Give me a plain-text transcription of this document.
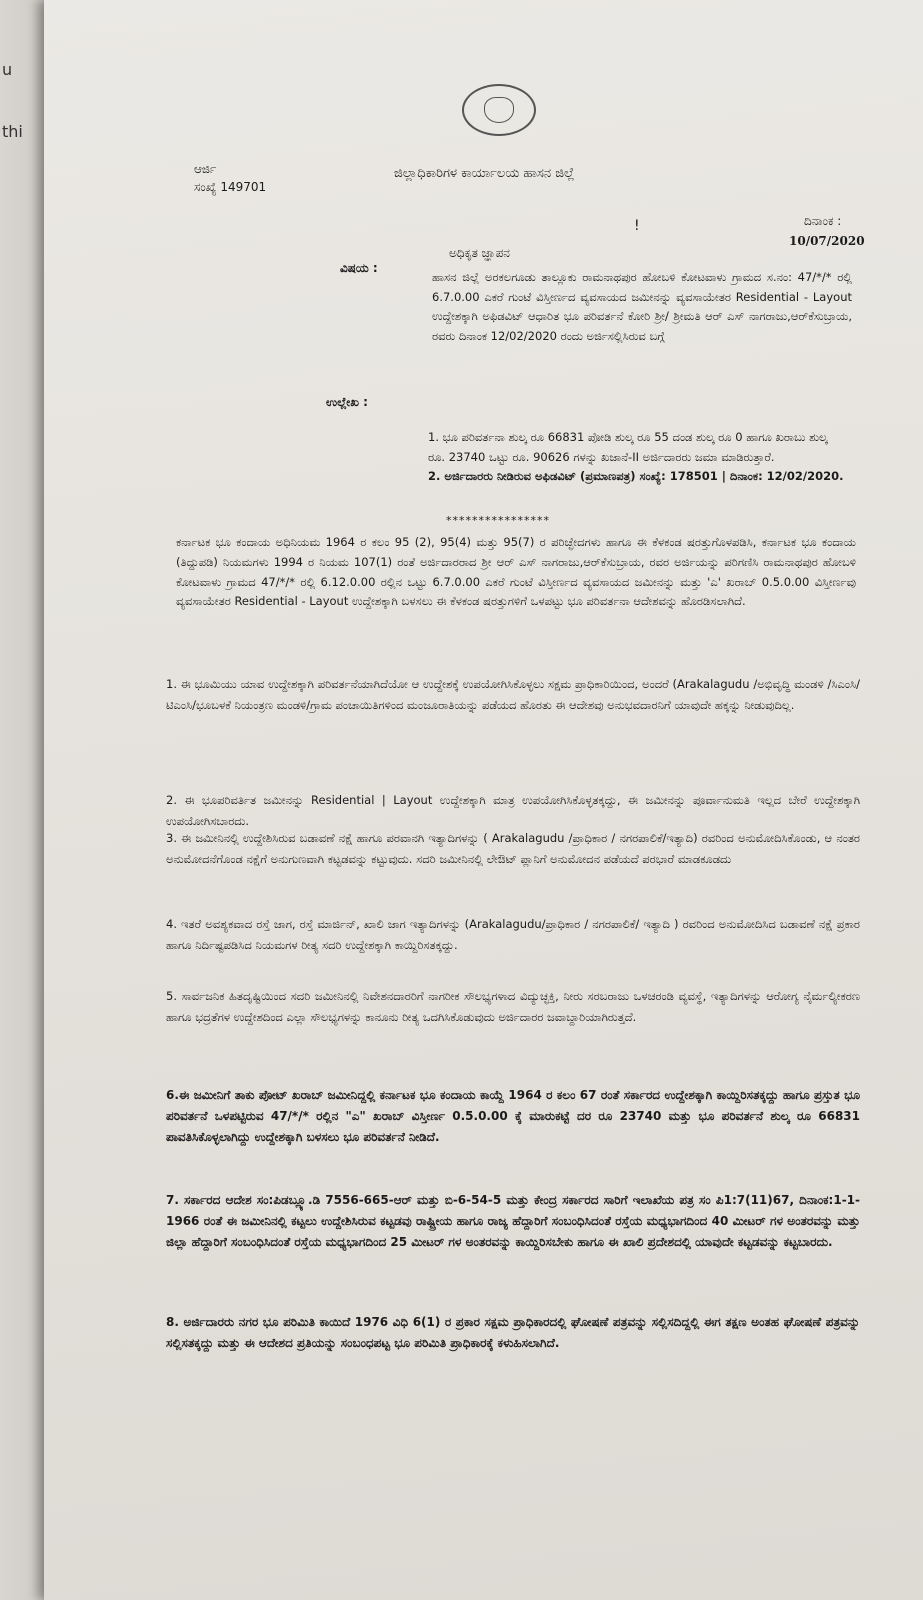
u
thi
ಆರ್ಜಿ
ಸಂಖ್ಯೆ 149701
ಜಿಲ್ಲಾಧಿಕಾರಿಗಳ ಕಾರ್ಯಾಲಯ ಹಾಸನ ಜಿಲ್ಲೆ
!	ದಿನಾಂಕ :
10/07/2020
ಅಧಿಕೃತ ಜ್ಞಾಪನ
ವಿಷಯ :
ಹಾಸನ ಜಿಲ್ಲೆ ಅರಕಲಗೂಡು ತಾಲ್ಲೂಕು ರಾಮನಾಥಪುರ ಹೋಬಳಿ ಕೋಟವಾಳು ಗ್ರಾಮದ ಸ.ನಂ: 47/*/* ರಲ್ಲಿ 6.7.0.00 ಎಕರೆ ಗುಂಟೆ ವಿಸ್ತೀರ್ಣದ ವ್ಯವಸಾಯದ ಜಮೀನನ್ನು ವ್ಯವಸಾಯೇತರ Residential - Layout ಉದ್ದೇಶಕ್ಕಾಗಿ ಅಫಿಡವಿಟ್ ಆಧಾರಿತ ಭೂ ಪರಿವರ್ತನೆ ಕೋರಿ ಶ್ರೀ/ ಶ್ರೀಮತಿ ಆರ್ ಎಸ್ ನಾಗರಾಜು,ಆರ್‌ಕೆಸುಬ್ರಾಯ, ರವರು ದಿನಾಂಕ 12/02/2020 ರಂದು ಅರ್ಜಿಸಲ್ಲಿಸಿರುವ ಬಗ್ಗೆ
ಉಲ್ಲೇಖ :
1. ಭೂ ಪರಿವರ್ತನಾ ಶುಲ್ಕ ರೂ 66831 ಪೋಡಿ ಶುಲ್ಕ ರೂ 55 ದಂಡ ಶುಲ್ಕ ರೂ 0 ಹಾಗೂ ಖರಾಬು ಶುಲ್ಕ ರೂ. 23740 ಒಟ್ಟು ರೂ. 90626 ಗಳನ್ನು ಖಜಾನೆ-II ಅರ್ಜಿದಾರರು ಜಮಾ ಮಾಡಿರುತ್ತಾರೆ.
2. ಅರ್ಜಿದಾರರು ನೀಡಿರುವ ಅಫಿಡವಿಟ್ (ಪ್ರಮಾಣಪತ್ರ) ಸಂಖ್ಯೆ: 178501 | ದಿನಾಂಕ: 12/02/2020.
****************
ಕರ್ನಾಟಕ ಭೂ ಕಂದಾಯ ಅಧಿನಿಯಮ 1964 ರ ಕಲಂ 95 (2), 95(4) ಮತ್ತು 95(7) ರ ಪರಿಚ್ಛೇದಗಳು ಹಾಗೂ ಈ ಕೆಳಕಂಡ ಷರತ್ತುಗೊಳಪಡಿಸಿ, ಕರ್ನಾಟಕ ಭೂ ಕಂದಾಯ (ತಿದ್ದುಪಡಿ) ನಿಯಮಗಳು 1994 ರ ನಿಯಮ 107(1) ರಂತೆ ಅರ್ಜಿದಾರರಾದ ಶ್ರೀ ಆರ್ ಎಸ್ ನಾಗರಾಜು,ಆರ್‌ಕೆಸುಬ್ರಾಯ, ರವರ ಅರ್ಜಿಯನ್ನು ಪರಿಗಣಿಸಿ ರಾಮನಾಥಪುರ ಹೋಬಳಿ ಕೋಟವಾಳು ಗ್ರಾಮದ 47/*/* ರಲ್ಲಿ 6.12.0.00 ರಲ್ಲಿನ ಒಟ್ಟು 6.7.0.00 ಎಕರೆ ಗುಂಟೆ ವಿಸ್ತೀರ್ಣದ ವ್ಯವಸಾಯದ ಜಮೀನನ್ನು ಮತ್ತು 'ಎ' ಖರಾಬ್ 0.5.0.00 ವಿಸ್ತೀರ್ಣವು ವ್ಯವಸಾಯೇತರ Residential - Layout ಉದ್ದೇಶಕ್ಕಾಗಿ ಬಳಸಲು ಈ ಕೆಳಕಂಡ ಷರತ್ತುಗಳಿಗೆ ಒಳಪಟ್ಟು ಭೂ ಪರಿವರ್ತನಾ ಆದೇಶವನ್ನು ಹೊರಡಿಸಲಾಗಿದೆ.
1. ಈ ಭೂಮಿಯು ಯಾವ ಉದ್ದೇಶಕ್ಕಾಗಿ ಪರಿವರ್ತನೆಯಾಗಿದೆಯೋ ಆ ಉದ್ದೇಶಕ್ಕೆ ಉಪಯೋಗಿಸಿಕೊಳ್ಳಲು ಸಕ್ಷಮ ಪ್ರಾಧಿಕಾರಿಯಿಂದ, ಅಂದರೆ (Arakalagudu /ಅಭಿವೃದ್ಧಿ ಮಂಡಳಿ /ಸಿಎಂಸಿ/ಟಿಎಂಸಿ/ಭೂಬಳಕೆ ನಿಯಂತ್ರಣ ಮಂಡಳಿ/ಗ್ರಾಮ ಪಂಚಾಯಿತಿಗಳಿಂದ ಮಂಜೂರಾತಿಯನ್ನು ಪಡೆಯದ ಹೊರತು ಈ ಆದೇಶವು ಅನುಭವದಾರನಿಗೆ ಯಾವುದೇ ಹಕ್ಕನ್ನು ನೀಡುವುದಿಲ್ಲ.
2. ಈ ಭೂಪರಿವರ್ತಿತ ಜಮೀನನ್ನು Residential | Layout ಉದ್ದೇಶಕ್ಕಾಗಿ ಮಾತ್ರ ಉಪಯೋಗಿಸಿಕೊಳ್ಳತಕ್ಕದ್ದು, ಈ ಜಮೀನನ್ನು ಪೂರ್ವಾನುಮತಿ ಇಲ್ಲದ ಬೇರೆ ಉದ್ದೇಶಕ್ಕಾಗಿ ಉಪಯೋಗಿಸಬಾರದು.
3. ಈ ಜಮೀನಿನಲ್ಲಿ ಉದ್ದೇಶಿಸಿರುವ ಬಡಾವಣೆ ನಕ್ಷೆ ಹಾಗೂ ಪರವಾನಗಿ ಇತ್ಯಾದಿಗಳನ್ನು ( Arakalagudu /ಪ್ರಾಧಿಕಾರ / ನಗರಪಾಲಿಕೆ/ಇತ್ಯಾದಿ) ರವರಿಂದ ಅನುಮೋದಿಸಿಕೊಂಡು, ಆ ನಂತರ ಅನುಮೋದನೆಗೊಂಡ ನಕ್ಷೆಗೆ ಅನುಗುಣವಾಗಿ ಕಟ್ಟಡವನ್ನು ಕಟ್ಟುವುದು. ಸದರಿ ಜಮೀನಿನಲ್ಲಿ ಲೇಔಟ್ ಪ್ಲಾನಿಗೆ ಅನುಮೋದನ ಪಡೆಯದೆ ಪರಭಾರೆ ಮಾಡಕೂಡದು
4. ಇತರೆ ಅವಶ್ಯಕವಾದ ರಸ್ತೆ ಜಾಗ, ರಸ್ತೆ ಮಾರ್ಜಿನ್, ಖಾಲಿ ಜಾಗ ಇತ್ಯಾದಿಗಳನ್ನು (Arakalagudu/ಪ್ರಾಧಿಕಾರ / ನಗರಪಾಲಿಕೆ/ ಇತ್ಯಾದಿ ) ರವರಿಂದ ಅನುಮೋದಿಸಿದ ಬಡಾವಣೆ ನಕ್ಷೆ ಪ್ರಕಾರ ಹಾಗೂ ನಿರ್ದಿಷ್ಟಪಡಿಸಿದ ನಿಯಮಗಳ ರೀತ್ಯ ಸದರಿ ಉದ್ದೇಶಕ್ಕಾಗಿ ಕಾಯ್ದಿರಿಸತಕ್ಕದ್ದು.
5. ಸಾರ್ವಜನಿಕ ಹಿತದೃಷ್ಟಿಯಿಂದ ಸದರಿ ಜಮೀನಿನಲ್ಲಿ ನಿವೇಶನದಾರರಿಗೆ ನಾಗರೀಕ ಸೌಲಭ್ಯಗಳಾದ ವಿದ್ಯುಚ್ಛಕ್ತಿ, ನೀರು ಸರಬರಾಜು ಒಳಚರಂಡಿ ವ್ಯವಸ್ಥೆ, ಇತ್ಯಾದಿಗಳನ್ನು ಆರೋಗ್ಯ ನೈರ್ಮಲ್ಯೀಕರಣ ಹಾಗೂ ಭದ್ರತೆಗಳ ಉದ್ದೇಶದಿಂದ ಎಲ್ಲಾ ಸೌಲಭ್ಯಗಳನ್ನು ಕಾನೂನು ರೀತ್ಯ ಒದಗಿಸಿಕೊಡುವುದು ಅರ್ಜಿದಾರರ ಜವಾಬ್ದಾರಿಯಾಗಿರುತ್ತದೆ.
6.ಈ ಜಮೀನಿಗೆ ತಾಕು ಪೋಟ್ ಖರಾಬ್ ಜಮೀನಿದ್ದಲ್ಲಿ ಕರ್ನಾಟಕ ಭೂ ಕಂದಾಯ ಕಾಯ್ದೆ 1964 ರ ಕಲಂ 67 ರಂತೆ ಸರ್ಕಾರದ ಉದ್ದೇಶಕ್ಕಾಗಿ ಕಾಯ್ದಿರಿಸತಕ್ಕದ್ದು ಹಾಗೂ ಪ್ರಸ್ತುತ ಭೂ ಪರಿವರ್ತನೆ ಒಳಪಟ್ಟಿರುವ 47/*/* ರಲ್ಲಿನ "ಎ" ಖರಾಬ್ ವಿಸ್ತೀರ್ಣ 0.5.0.00 ಕ್ಕೆ ಮಾರುಕಟ್ಟೆ ದರ ರೂ 23740 ಮತ್ತು ಭೂ ಪರಿವರ್ತನೆ ಶುಲ್ಕ ರೂ 66831 ಪಾವತಿಸಿಕೊಳ್ಳಲಾಗಿದ್ದು ಉದ್ದೇಶಕ್ಕಾಗಿ ಬಳಸಲು ಭೂ ಪರಿವರ್ತನೆ ನೀಡಿದೆ.
7. ಸರ್ಕಾರದ ಆದೇಶ ಸಂ:ಪಿಡಬ್ಲ್ಯೂ.ಡಿ 7556-665-ಆರ್ ಮತ್ತು ಬಿ-6-54-5 ಮತ್ತು ಕೇಂದ್ರ ಸರ್ಕಾರದ ಸಾರಿಗೆ ಇಲಾಖೆಯ ಪತ್ರ ಸಂ ಪಿ1:7(11)67, ದಿನಾಂಕ:1-1-1966 ರಂತೆ ಈ ಜಮೀನಿನಲ್ಲಿ ಕಟ್ಟಲು ಉದ್ದೇಶಿಸಿರುವ ಕಟ್ಟಡವು ರಾಷ್ಟ್ರೀಯ ಹಾಗೂ ರಾಜ್ಯ ಹೆದ್ದಾರಿಗೆ ಸಂಬಂಧಿಸಿದಂತೆ ರಸ್ತೆಯ ಮಧ್ಯಭಾಗದಿಂದ 40 ಮೀಟರ್ ಗಳ ಅಂತರವನ್ನು ಮತ್ತು ಜಿಲ್ಲಾ ಹೆದ್ದಾರಿಗೆ ಸಂಬಂಧಿಸಿದಂತೆ ರಸ್ತೆಯ ಮಧ್ಯಭಾಗದಿಂದ 25 ಮೀಟರ್ ಗಳ ಅಂತರವನ್ನು ಕಾಯ್ದಿರಿಸಬೇಕು ಹಾಗೂ ಈ ಖಾಲಿ ಪ್ರದೇಶದಲ್ಲಿ ಯಾವುದೇ ಕಟ್ಟಡವನ್ನು ಕಟ್ಟಬಾರದು.
8. ಅರ್ಜಿದಾರರು ನಗರ ಭೂ ಪರಿಮಿತಿ ಕಾಯಿದೆ 1976 ವಿಧಿ 6(1) ರ ಪ್ರಕಾರ ಸಕ್ಷಮ ಪ್ರಾಧಿಕಾರದಲ್ಲಿ ಘೋಷಣೆ ಪತ್ರವನ್ನು ಸಲ್ಲಿಸದಿದ್ದಲ್ಲಿ ಈಗ ತಕ್ಷಣ ಅಂತಹ ಘೋಷಣೆ ಪತ್ರವನ್ನು ಸಲ್ಲಿಸತಕ್ಕದ್ದು ಮತ್ತು ಈ ಆದೇಶದ ಪ್ರತಿಯನ್ನು ಸಂಬಂಧಪಟ್ಟ ಭೂ ಪರಿಮಿತಿ ಪ್ರಾಧಿಕಾರಕ್ಕೆ ಕಳುಹಿಸಲಾಗಿದೆ.
